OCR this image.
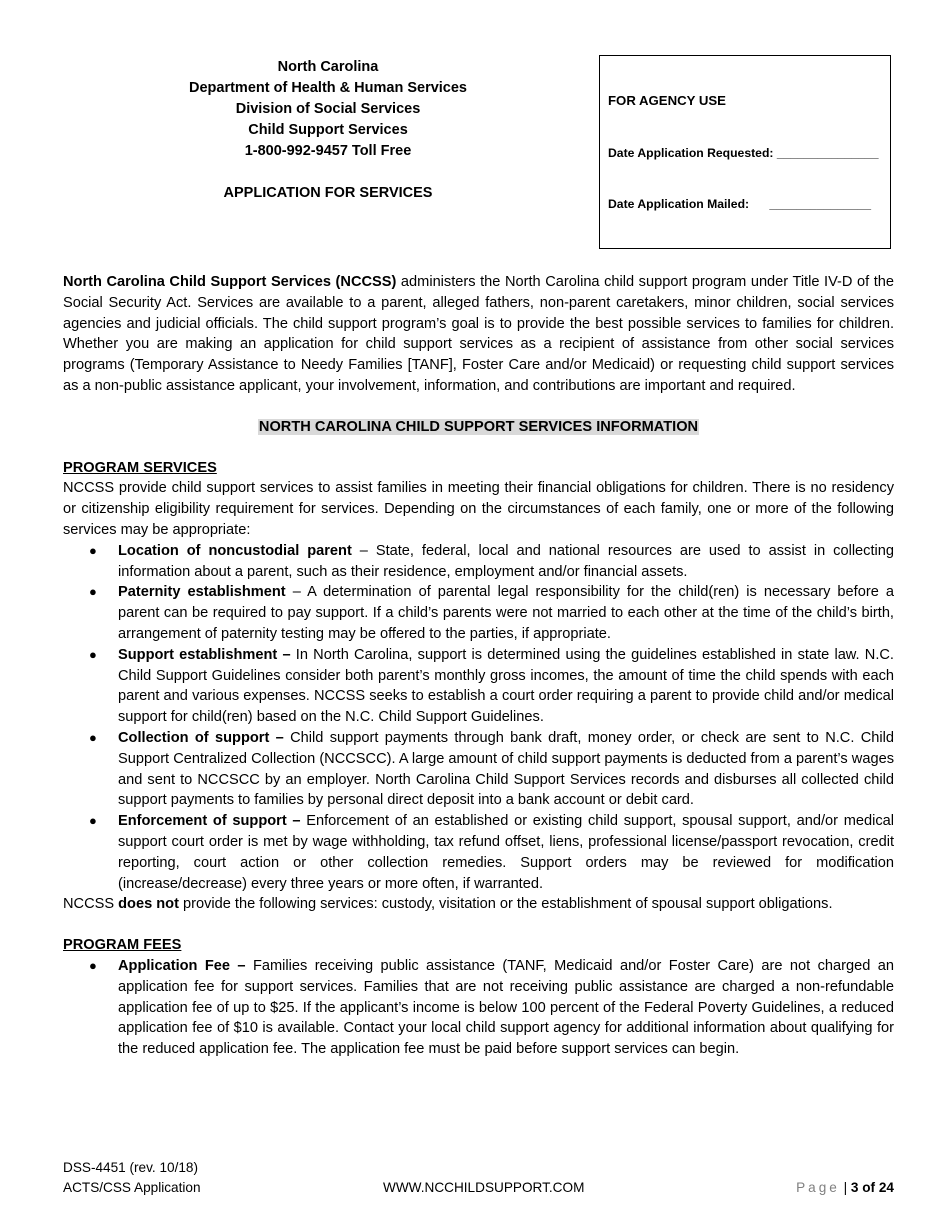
North Carolina
Department of Health & Human Services
Division of Social Services
Child Support Services
1-800-992-9457 Toll Free
APPLICATION FOR SERVICES

FOR AGENCY USE

Date Application Requested: _______________

Date Application Mailed:      _______________

North Carolina Child Support Services (NCCSS) administers the North Carolina child support program under Title IV-D of the Social Security Act. Services are available to a parent, alleged fathers, non-parent caretakers, minor children, social services agencies and judicial officials. The child support program’s goal is to provide the best possible services to families for children. Whether you are making an application for child support services as a recipient of assistance from other social services programs (Temporary Assistance to Needy Families [TANF], Foster Care and/or Medicaid) or requesting child support services as a non-public assistance applicant, your involvement, information, and contributions are important and required.

NORTH CAROLINA CHILD SUPPORT SERVICES INFORMATION
PROGRAM SERVICES

NCCSS provide child support services to assist families in meeting their financial obligations for children. There is no residency or citizenship eligibility requirement for services. Depending on the circumstances of each family, one or more of the following services may be appropriate:

● Location of noncustodial parent – State, federal, local and national resources are used to assist in collecting information about a parent, such as their residence, employment and/or financial assets.
● Paternity establishment – A determination of parental legal responsibility for the child(ren) is necessary before a parent can be required to pay support. If a child’s parents were not married to each other at the time of the child’s birth, arrangement of paternity testing may be offered to the parties, if appropriate.
● Support establishment – In North Carolina, support is determined using the guidelines established in state law. N.C. Child Support Guidelines consider both parent’s monthly gross incomes, the amount of time the child spends with each parent and various expenses. NCCSS seeks to establish a court order requiring a parent to provide child and/or medical support for child(ren) based on the N.C. Child Support Guidelines.
● Collection of support – Child support payments through bank draft, money order, or check are sent to N.C. Child Support Centralized Collection (NCCSCC). A large amount of child support payments is deducted from a parent’s wages and sent to NCCSCC by an employer. North Carolina Child Support Services records and disburses all collected child support payments to families by personal direct deposit into a bank account or debit card.
● Enforcement of support – Enforcement of an established or existing child support, spousal support, and/or medical support court order is met by wage withholding, tax refund offset, liens, professional license/passport revocation, credit reporting, court action or other collection remedies. Support orders may be reviewed for modification (increase/decrease) every three years or more often, if warranted.

NCCSS does not provide the following services: custody, visitation or the establishment of spousal support obligations.

PROGRAM FEES
● Application Fee – Families receiving public assistance (TANF, Medicaid and/or Foster Care) are not charged an application fee for support services. Families that are not receiving public assistance are charged a non-refundable application fee of up to $25. If the applicant’s income is below 100 percent of the Federal Poverty Guidelines, a reduced application fee of $10 is available. Contact your local child support agency for additional information about qualifying for the reduced application fee. The application fee must be paid before support services can begin.
DSS-4451 (rev. 10/18)
ACTS/CSS Application	WWW.NCCHILDSUPPORT.COM	Page | 3 of 24
